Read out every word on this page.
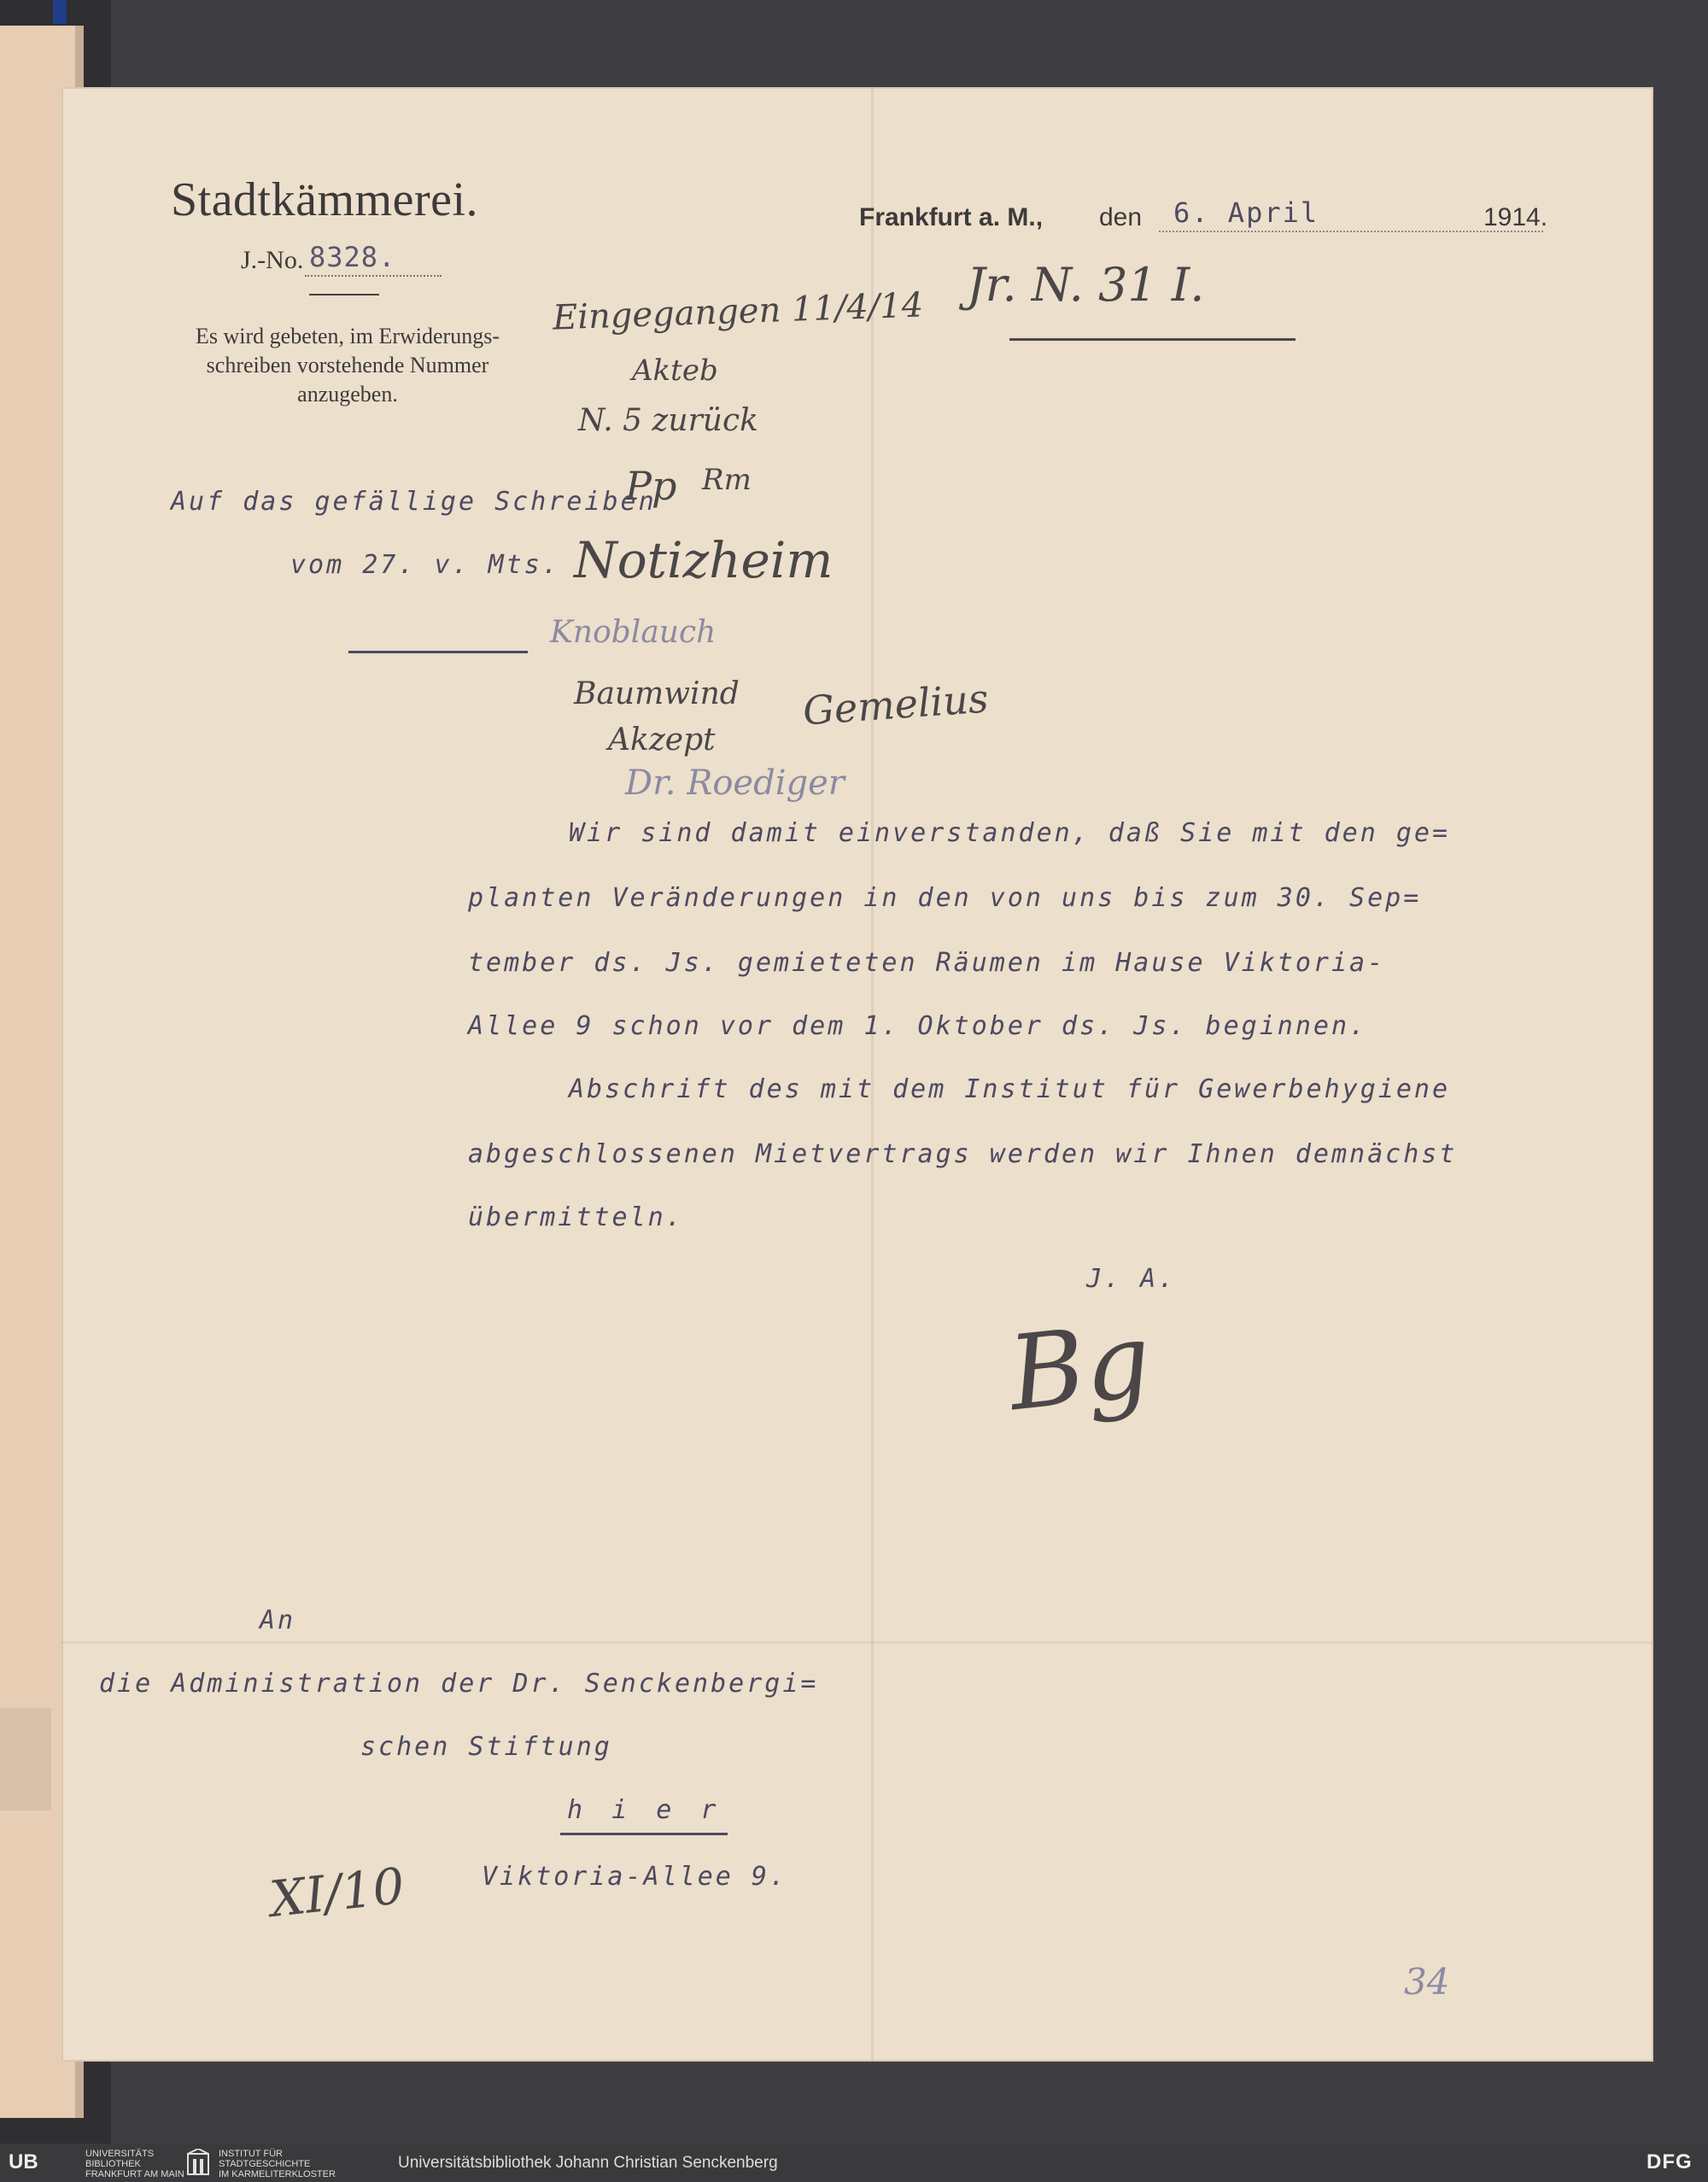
Stadtkämmerei.
J.-No. 8328.
Es wird gebeten, im Erwiderungs-
schreiben vorstehende Nummer
anzugeben.
Frankfurt a. M., den 6. April	1914.
Eingegangen 11/4/14 Jr. N. 31 I.
Akteb
N. 5 zurück
Pp Rm
Notizheim
Knoblauch
Baumwind Gemelius
Akzept
Dr. Roediger
Auf das gefällige Schreiben
vom 27. v. Mts.
Wir sind damit einverstanden, daß Sie mit den ge=
planten Veränderungen in den von uns bis zum 30. Sep=
tember ds. Js. gemieteten Räumen im Hause Viktoria-
Allee 9 schon vor dem 1. Oktober ds. Js. beginnen.
Abschrift des mit dem Institut für Gewerbehygiene
abgeschlossenen Mietvertrags werden wir Ihnen demnächst
übermitteln.
J. A.
Bg
An
die Administration der Dr. Senckenbergi=
schen Stiftung
h i e r
Viktoria-Allee 9.
XI/10
34
UB	UNIVERSITÄTS
BIBLIOTHEK
FRANKFURT AM MAIN
INSTITUT FÜR
STADTGESCHICHTE
IM KARMELITERKLOSTER
Universitätsbibliothek Johann Christian Senckenberg	DFG
